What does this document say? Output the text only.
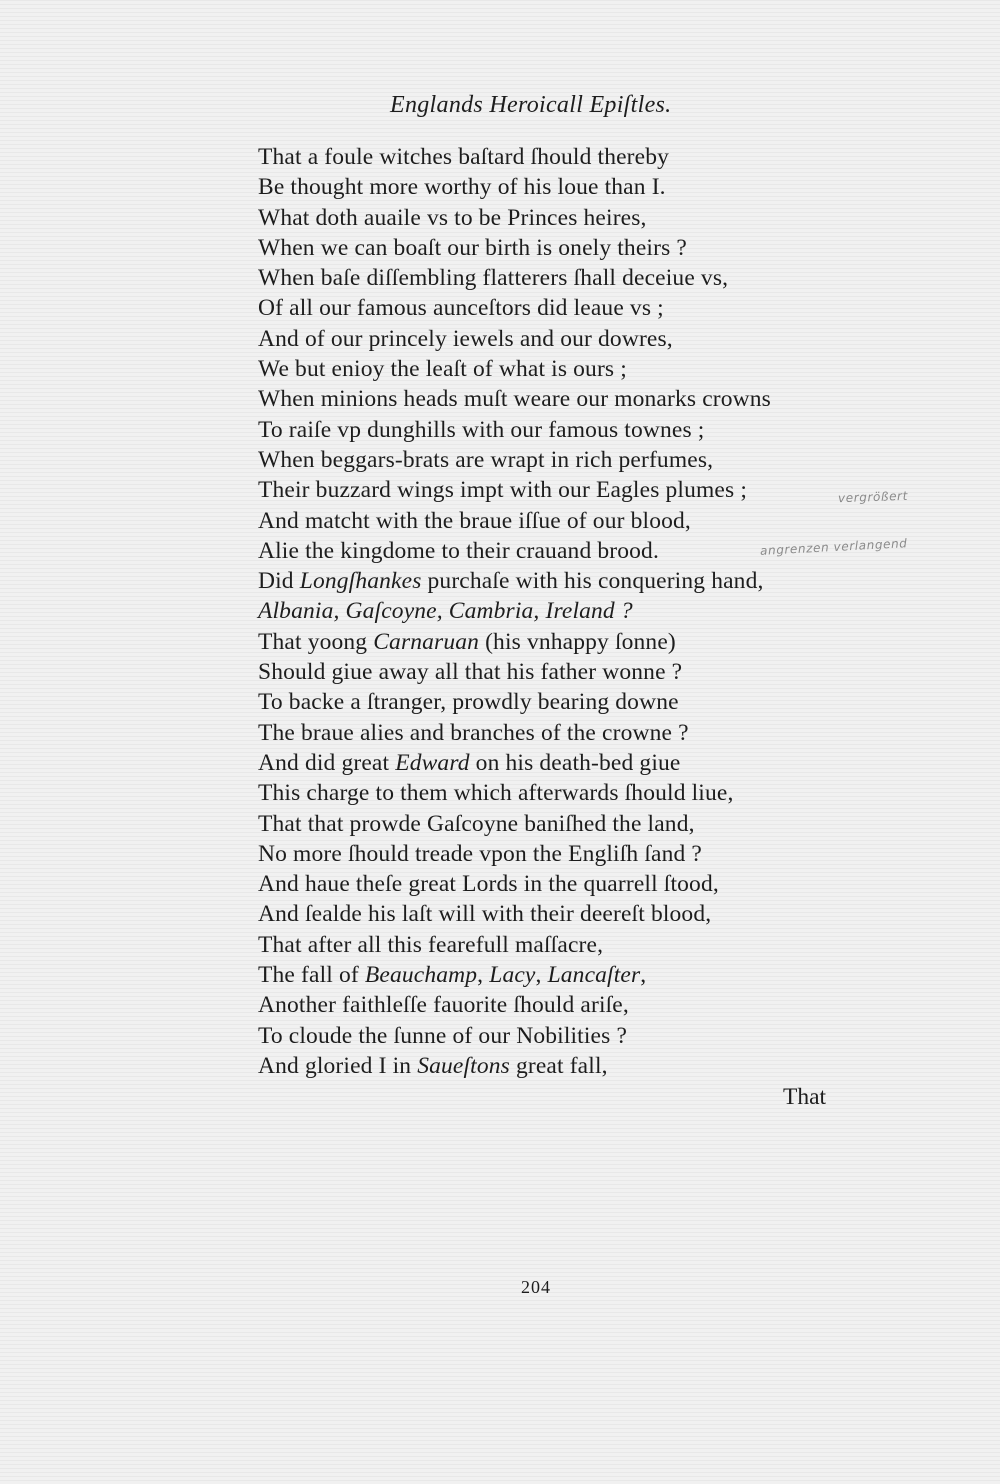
Englands Heroicall Epiſtles.
That a foule witches baſtard ſhould thereby
Be thought more worthy of his loue than I.
What doth auaile vs to be Princes heires,
When we can boaſt our birth is onely theirs ?
When baſe diſſembling flatterers ſhall deceiue vs,
Of all our famous aunceſtors did leaue vs ;
And of our princely iewels and our dowres,
We but enioy the leaſt of what is ours ;
When minions heads muſt weare our monarks crowns
To raiſe vp dunghills with our famous townes ;
When beggars-brats are wrapt in rich perfumes,
Their buzzard wings impt with our Eagles plumes ;
And matcht with the braue iſſue of our blood,
Alie the kingdome to their crauand brood.
Did Longſhankes purchaſe with his conquering hand,
Albania, Gaſcoyne, Cambria, Ireland ?
That yoong Carnaruan (his vnhappy ſonne)
Should giue away all that his father wonne ?
To backe a ſtranger, prowdly bearing downe
The braue alies and branches of the crowne ?
And did great Edward on his death-bed giue
This charge to them which afterwards ſhould liue,
That that prowde Gaſcoyne baniſhed the land,
No more ſhould treade vpon the Engliſh ſand ?
And haue theſe great Lords in the quarrell ſtood,
And ſealde his laſt will with their deereſt blood,
That after all this fearefull maſſacre,
The fall of Beauchamp, Lacy, Lancaſter,
Another faithleſſe fauorite ſhould ariſe,
To cloude the ſunne of our Nobilities ?
And gloried I in Saueſtons great fall,
That
204
vergrößert
angrenzen verlangend
